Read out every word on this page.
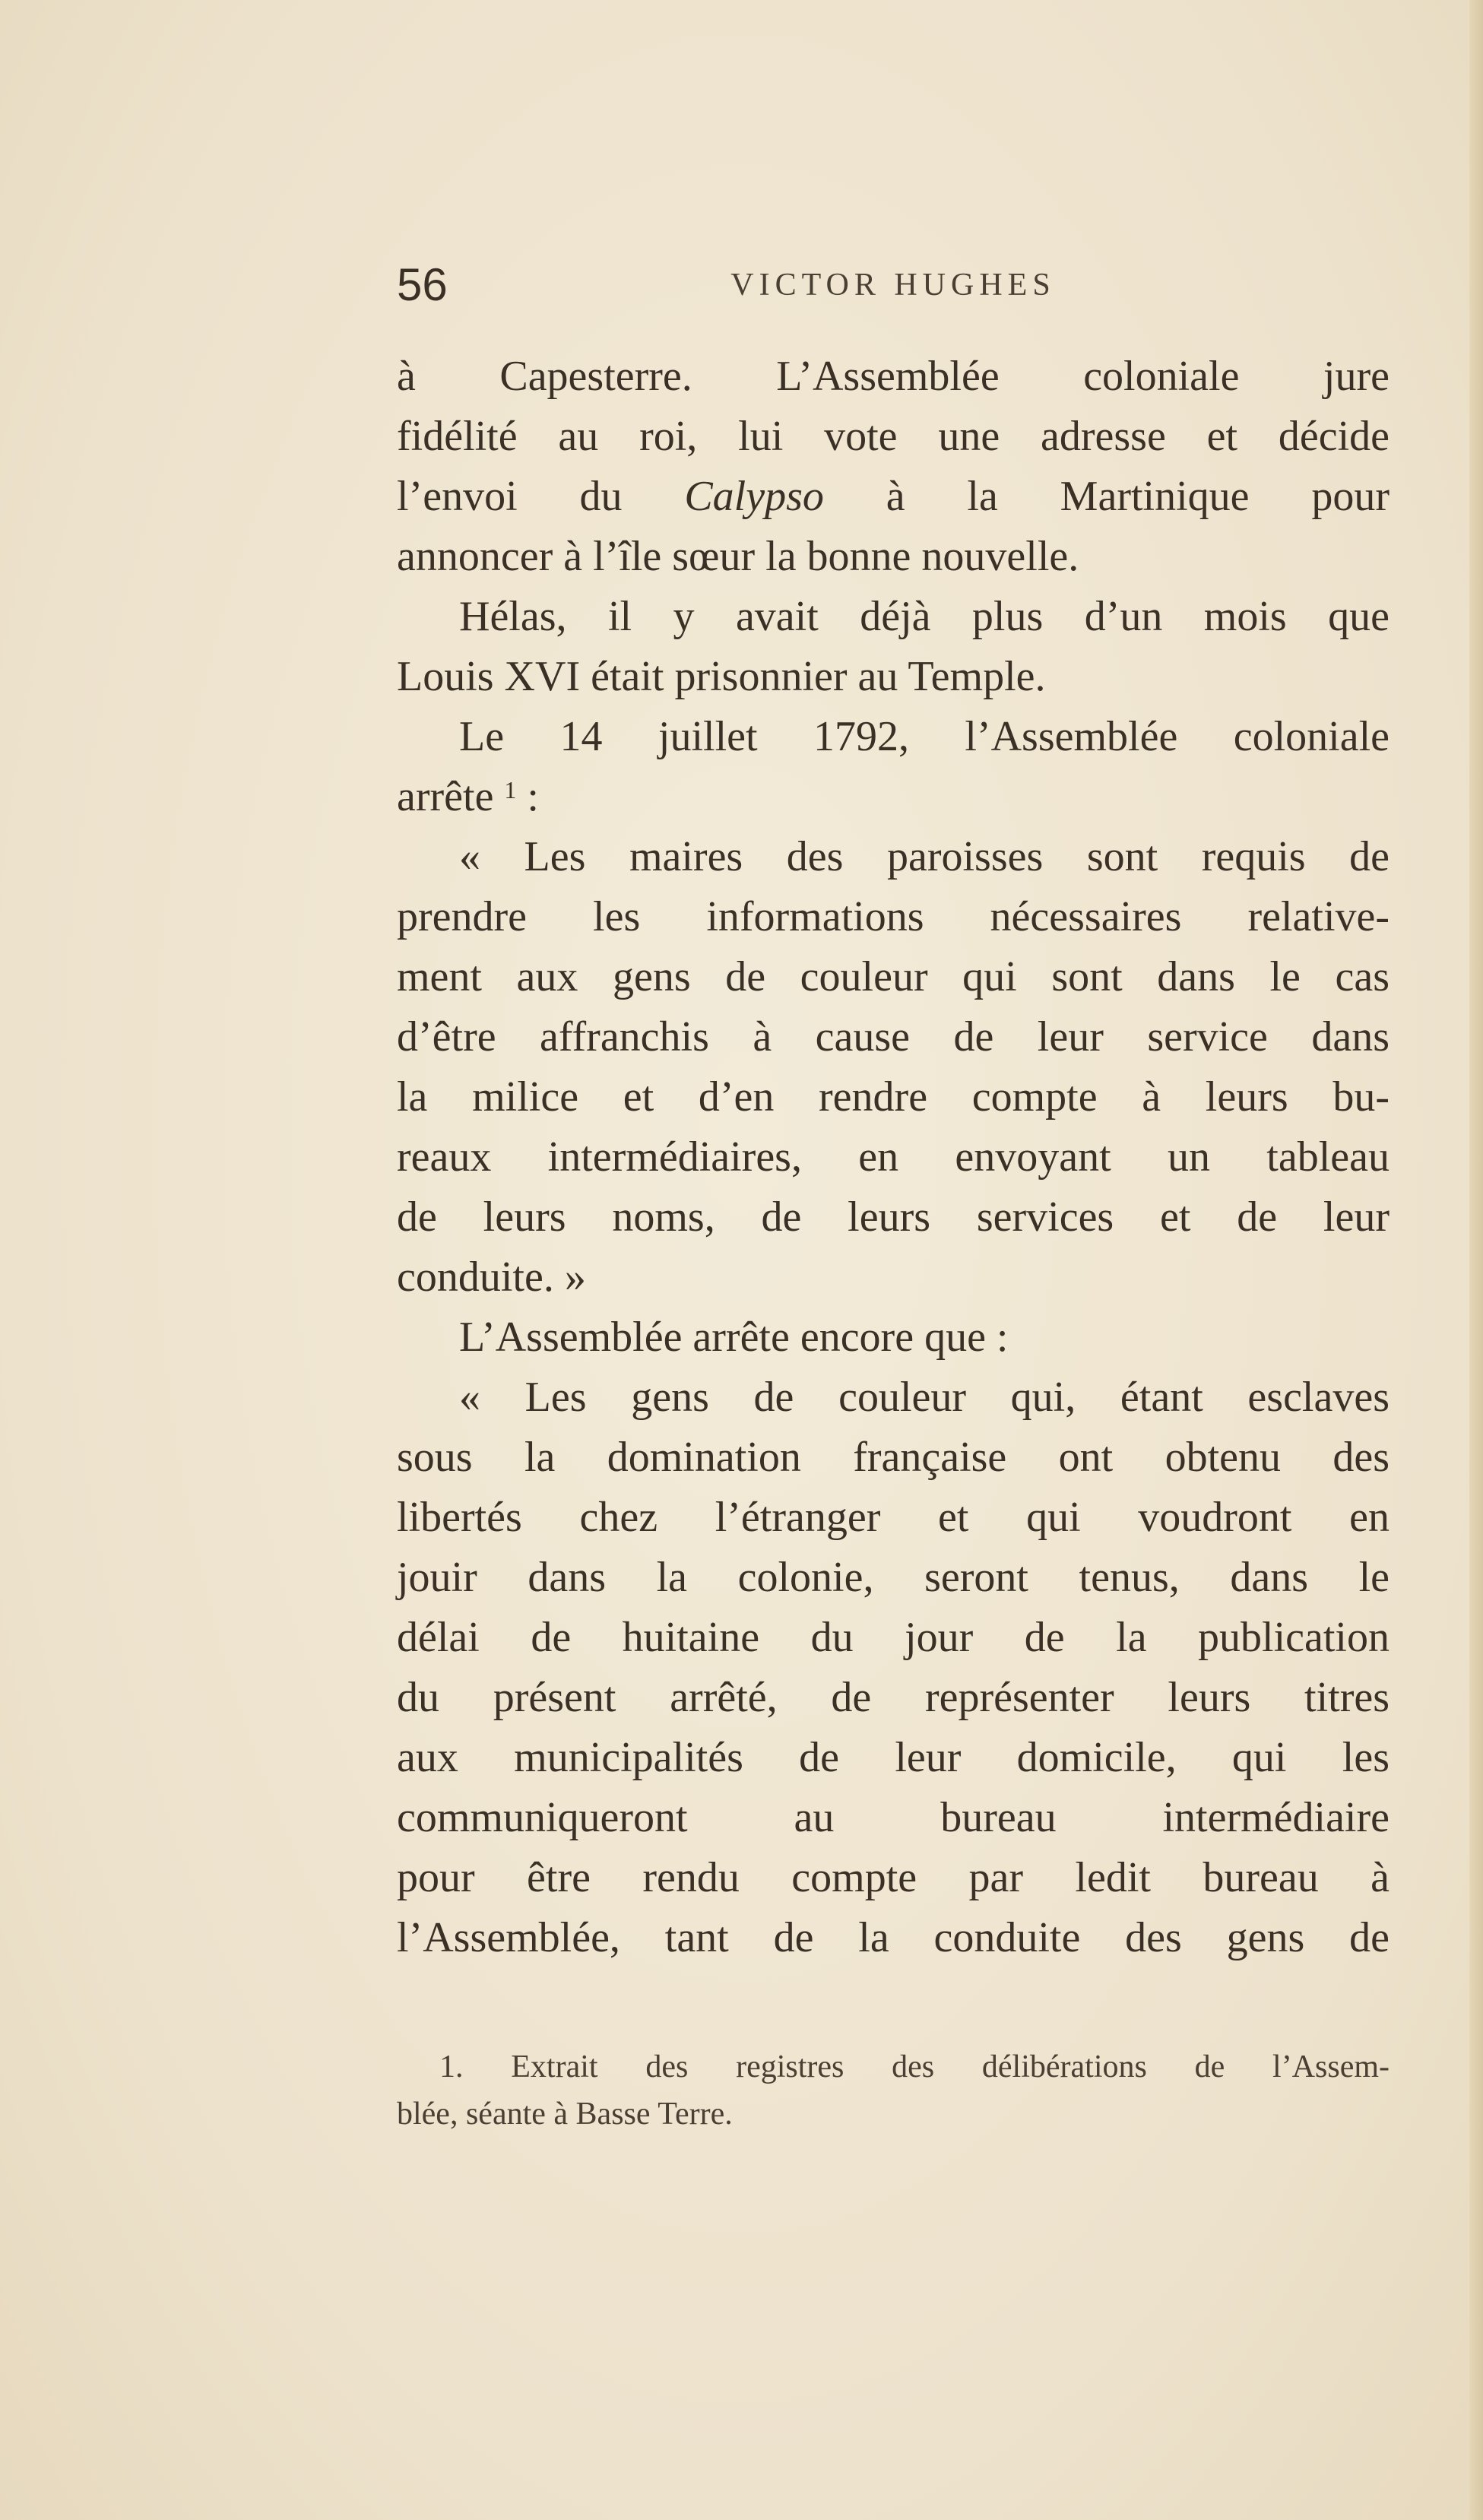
56	VICTOR HUGHES
à Capesterre. L’Assemblée coloniale jure
fidélité au roi, lui vote une adresse et décide
l’envoi du Calypso à la Martinique pour
annoncer à l’île sœur la bonne nouvelle.
Hélas, il y avait déjà plus d’un mois que
Louis XVI était prisonnier au Temple.
Le 14 juillet 1792, l’Assemblée coloniale
arrête $^1$ :
« Les maires des paroisses sont requis de
prendre les informations nécessaires relative-
ment aux gens de couleur qui sont dans le cas
d’être affranchis à cause de leur service dans
la milice et d’en rendre compte à leurs bu-
reaux intermédiaires, en envoyant un tableau
de leurs noms, de leurs services et de leur
conduite. »
L’Assemblée arrête encore que :
« Les gens de couleur qui, étant esclaves
sous la domination française ont obtenu des
libertés chez l’étranger et qui voudront en
jouir dans la colonie, seront tenus, dans le
délai de huitaine du jour de la publication
du présent arrêté, de représenter leurs titres
aux municipalités de leur domicile, qui les
communiqueront au bureau intermédiaire
pour être rendu compte par ledit bureau à
l’Assemblée, tant de la conduite des gens de
1. Extrait des registres des délibérations de l’Assem-
blée, séante à Basse Terre.
